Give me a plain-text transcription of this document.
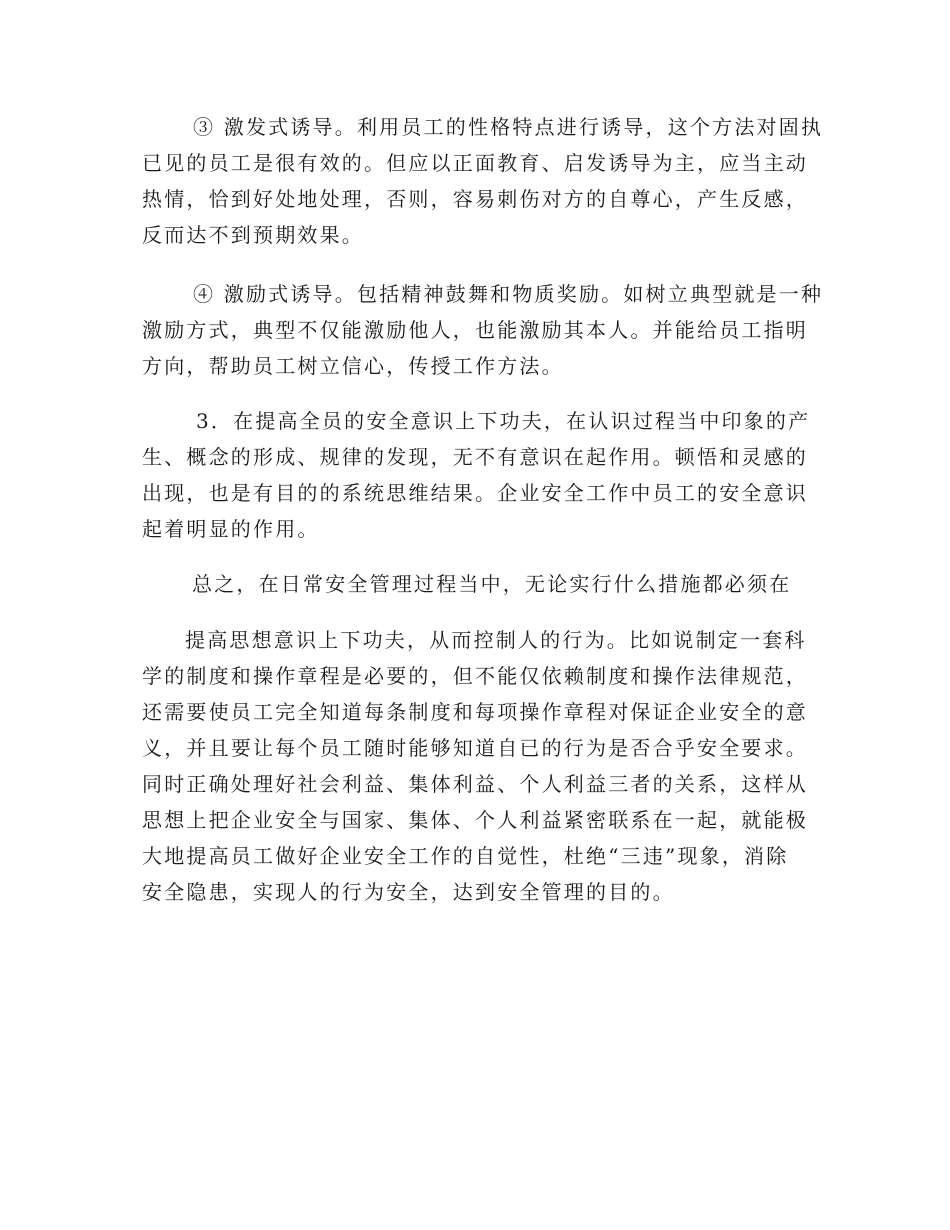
③ 激发式诱导。利用员工的性格特点进行诱导，这个方法对固执
已见的员工是很有效的。但应以正面教育、启发诱导为主，应当主动
热情，恰到好处地处理，否则，容易刺伤对方的自尊心，产生反感，
反而达不到预期效果。
④ 激励式诱导。包括精神鼓舞和物质奖励。如树立典型就是一种
激励方式，典型不仅能激励他人，也能激励其本人。并能给员工指明
方向，帮助员工树立信心，传授工作方法。
3．在提高全员的安全意识上下功夫，在认识过程当中印象的产
生、概念的形成、规律的发现，无不有意识在起作用。顿悟和灵感的
出现，也是有目的的系统思维结果。企业安全工作中员工的安全意识
起着明显的作用。
总之，在日常安全管理过程当中，无论实行什么措施都必须在
提高思想意识上下功夫，从而控制人的行为。比如说制定一套科
学的制度和操作章程是必要的，但不能仅依赖制度和操作法律规范，
还需要使员工完全知道每条制度和每项操作章程对保证企业安全的意
义，并且要让每个员工随时能够知道自已的行为是否合乎安全要求。
同时正确处理好社会利益、集体利益、个人利益三者的关系，这样从
思想上把企业安全与国家、集体、个人利益紧密联系在一起，就能极
大地提高员工做好企业安全工作的自觉性，杜绝“三违”现象，消除
安全隐患，实现人的行为安全，达到安全管理的目的。
